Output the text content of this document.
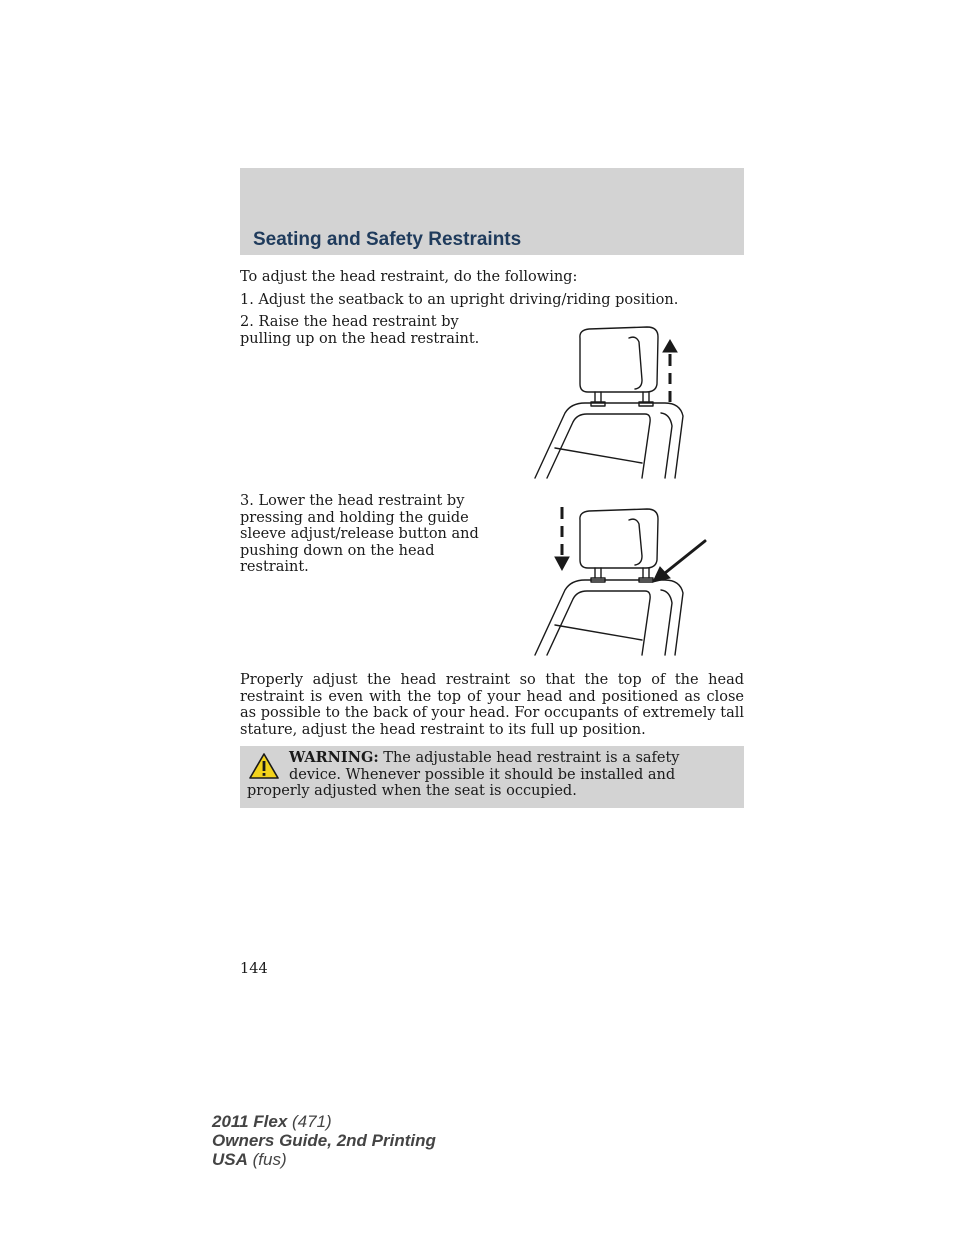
Seating and Safety Restraints

To adjust the head restraint, do the following:

1. Adjust the seatback to an upright driving/riding position.

2. Raise the head restraint by pulling up on the head restraint.

3. Lower the head restraint by pressing and holding the guide sleeve adjust/release button and pushing down on the head restraint.

Properly adjust the head restraint so that the top of the head restraint is even with the top of your head and positioned as close as possible to the back of your head. For occupants of extremely tall stature, adjust the head restraint to its full up position.

WARNING: The adjustable head restraint is a safety device. Whenever possible it should be installed and properly adjusted when the seat is occupied.

144

2011 Flex (471)
Owners Guide, 2nd Printing
USA (fus)
